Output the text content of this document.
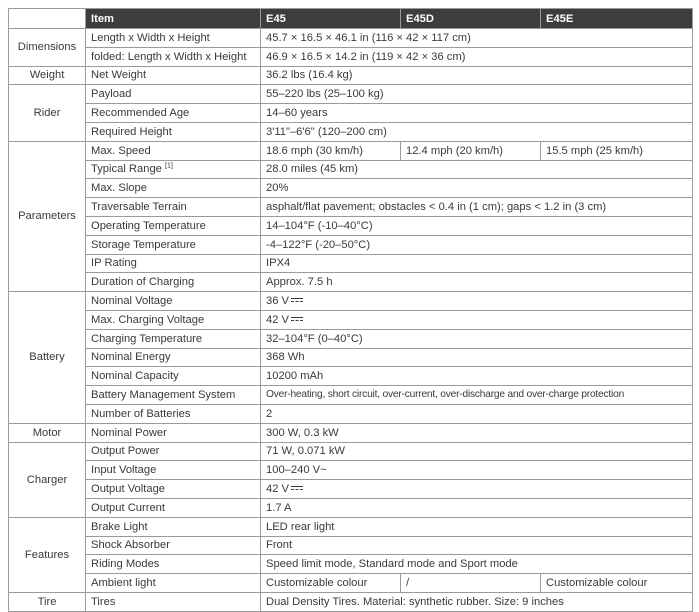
	Item	E45	E45D	E45E
Dimensions	Length x Width x Height	45.7 × 16.5 × 46.1 in (116 × 42 × 117 cm)		
	folded: Length x Width x Height	46.9 × 16.5 × 14.2 in (119 × 42 × 36 cm)		
Weight	Net Weight	36.2 lbs (16.4 kg)		
Rider	Payload	55–220 lbs (25–100 kg)		
	Recommended Age	14–60 years		
	Required Height	3'11"–6'6" (120–200 cm)		
Parameters	Max. Speed	18.6 mph (30 km/h)	12.4 mph (20 km/h)	15.5 mph (25 km/h)
	Typical Range [1]	28.0 miles (45 km)		
	Max. Slope	20%		
	Traversable Terrain	asphalt/flat pavement; obstacles < 0.4 in (1 cm); gaps < 1.2 in (3 cm)		
	Operating Temperature	14–104°F (-10–40°C)		
	Storage Temperature	-4–122°F (-20–50°C)		
	IP Rating	IPX4		
	Duration of Charging	Approx. 7.5 h		
Battery	Nominal Voltage	36 V		
	Max. Charging Voltage	42 V		
	Charging Temperature	32–104°F (0–40°C)		
	Nominal Energy	368 Wh		
	Nominal Capacity	10200 mAh		
	Battery Management System	Over-heating, short circuit, over-current, over-discharge and over-charge protection		
	Number of Batteries	2		
Motor	Nominal Power	300 W, 0.3 kW		
Charger	Output Power	71 W, 0.071 kW		
	Input Voltage	100–240 V~		
	Output Voltage	42 V		
	Output Current	1.7 A		
Features	Brake Light	LED rear light		
	Shock Absorber	Front		
	Riding Modes	Speed limit mode, Standard mode and Sport mode		
	Ambient light	Customizable colour	/	Customizable colour
Tire	Tires	Dual Density Tires. Material: synthetic rubber. Size: 9 inches		
